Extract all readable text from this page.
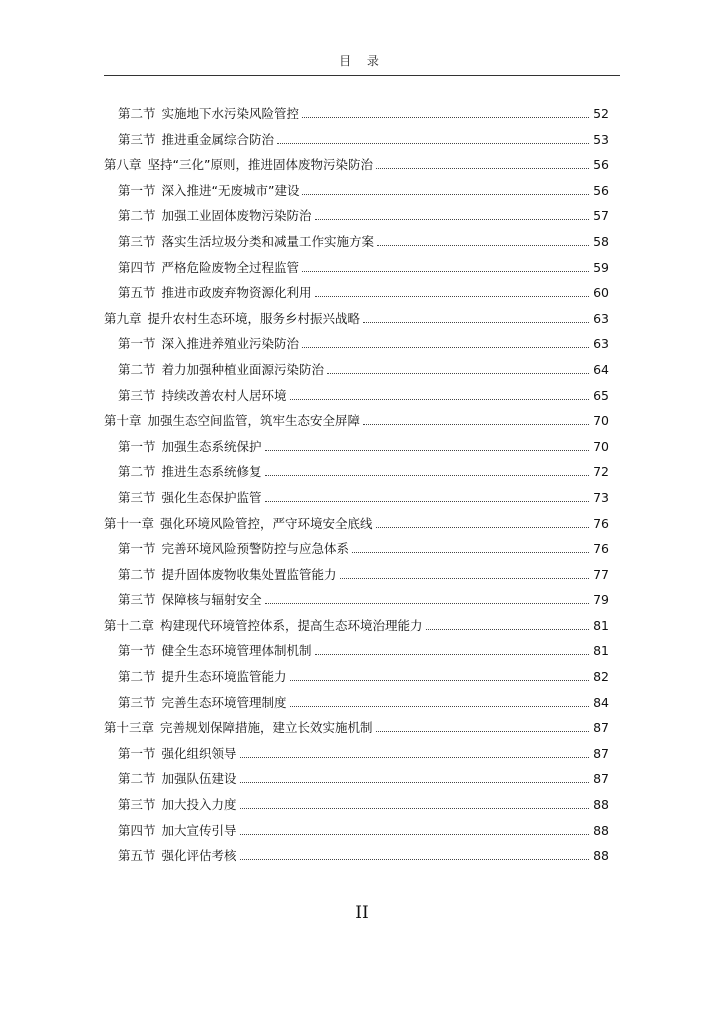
目 录
第二节 实施地下水污染风险管控	52
第三节 推进重金属综合防治	53
第八章 坚持“三化”原则，推进固体废物污染防治	56
第一节 深入推进“无废城市”建设	56
第二节 加强工业固体废物污染防治	57
第三节 落实生活垃圾分类和减量工作实施方案	58
第四节 严格危险废物全过程监管	59
第五节 推进市政废弃物资源化利用	60
第九章 提升农村生态环境，服务乡村振兴战略	63
第一节 深入推进养殖业污染防治	63
第二节 着力加强种植业面源污染防治	64
第三节 持续改善农村人居环境	65
第十章 加强生态空间监管，筑牢生态安全屏障	70
第一节 加强生态系统保护	70
第二节 推进生态系统修复	72
第三节 强化生态保护监管	73
第十一章 强化环境风险管控，严守环境安全底线	76
第一节 完善环境风险预警防控与应急体系	76
第二节 提升固体废物收集处置监管能力	77
第三节 保障核与辐射安全	79
第十二章 构建现代环境管控体系，提高生态环境治理能力	81
第一节 健全生态环境管理体制机制	81
第二节 提升生态环境监管能力	82
第三节 完善生态环境管理制度	84
第十三章 完善规划保障措施，建立长效实施机制	87
第一节 强化组织领导	87
第二节 加强队伍建设	87
第三节 加大投入力度	88
第四节 加大宣传引导	88
第五节 强化评估考核	88
II
